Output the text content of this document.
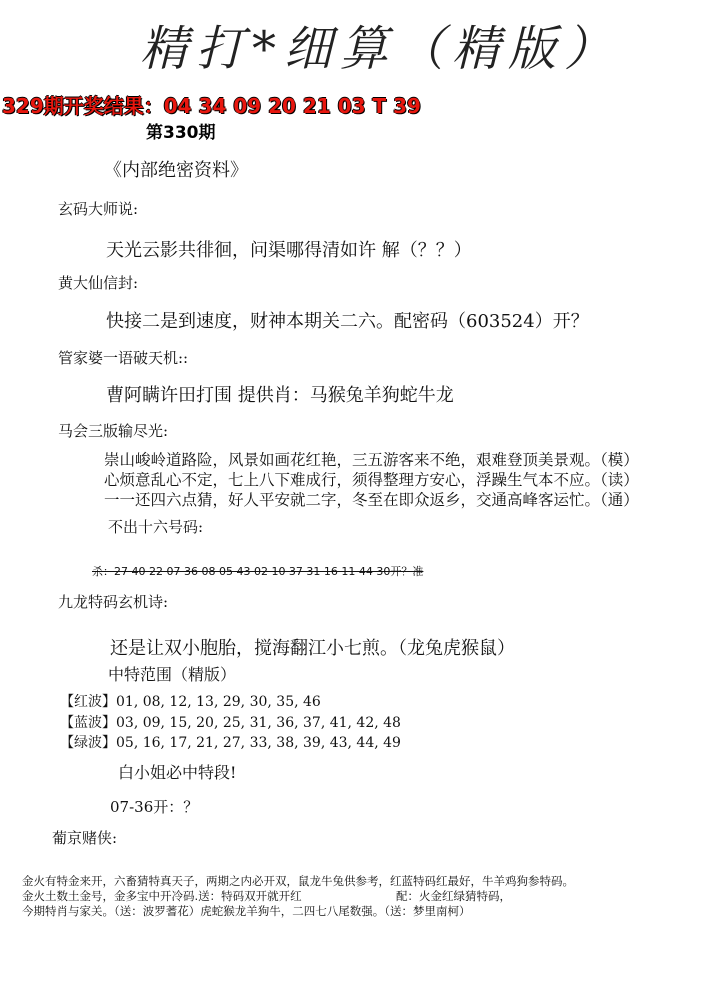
精打*细算（精版）
329期开奖结果：04 34 09 20 21 03 T 39
第330期
《内部绝密资料》
玄码大师说:
天光云影共徘徊，问渠哪得清如许 解（？？）
黄大仙信封:
快接二是到速度，财神本期关二六。配密码（603524）开？
管家婆一语破天机::
曹阿瞒许田打围 提供肖：马猴兔羊狗蛇牛龙
马会三版输尽光:
崇山峻岭道路险，风景如画花红艳，三五游客来不绝，艰难登顶美景观。（模）
心烦意乱心不定，七上八下难成行，须得整理方安心，浮躁生气本不应。（读）
一一还四六点猜，好人平安就二字，冬至在即众返乡，交通高峰客运忙。（通）
不出十六号码:
杀：27 40 22 07 36 08 05 43 02 10 37 31 16 11 44 30开？准
九龙特码玄机诗:
还是让双小胞胎，搅海翻江小七煎。（龙兔虎猴鼠）
中特范围（精版）
【红波】01, 08, 12, 13, 29, 30, 35, 46
【蓝波】03, 09, 15, 20, 25, 31, 36, 37, 41, 42, 48
【绿波】05, 16, 17, 21, 27, 33, 38, 39, 43, 44, 49
白小姐必中特段!
07-36开：？
葡京赌侠:
金火有特金来开，六畜猜特真天子，两期之内必开双，鼠龙牛兔供参考，红蓝特码红最好，牛羊鸡狗参特码。
金火土数土金号，金多宝中开冷码.送：特码双开就开红	配：火金红绿猜特码，
今期特肖与家关。（送：波罗蓍花）虎蛇猴龙羊狗牛，二四七八尾数强。（送：梦里南柯）
